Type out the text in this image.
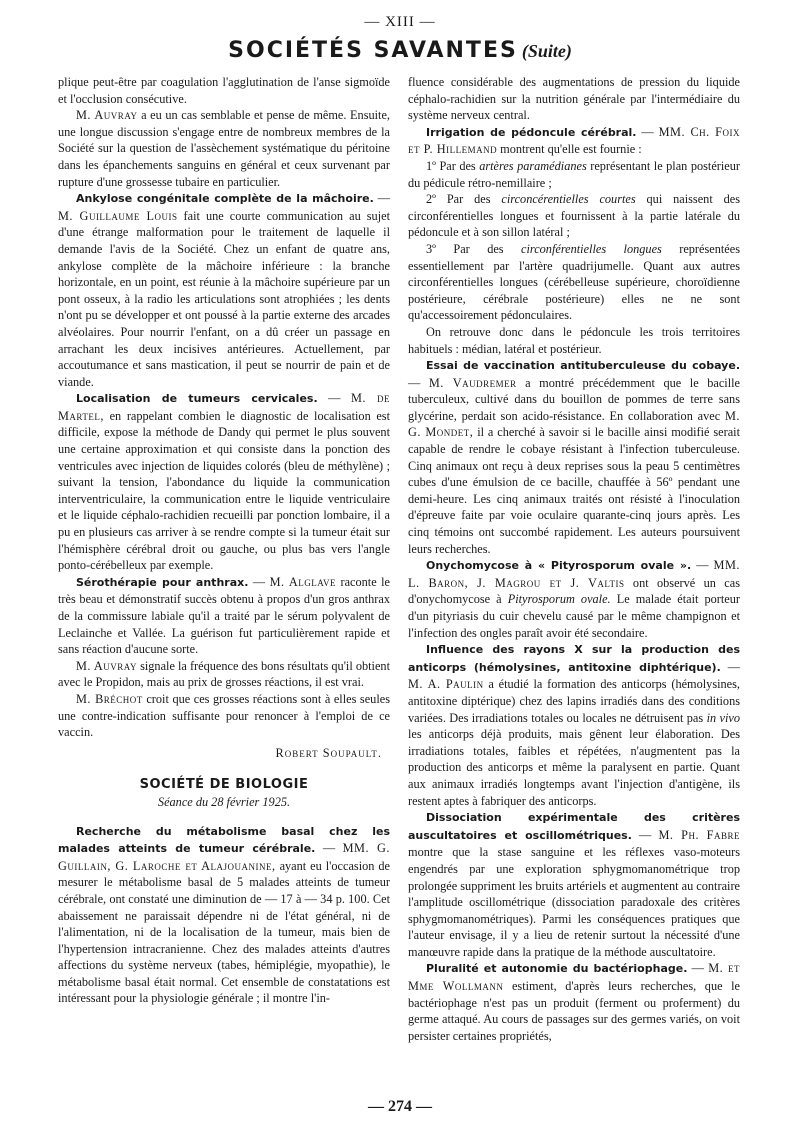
— XIII —
SOCIÉTÉS SAVANTES (Suite)

plique peut-être par coagulation l'agglutination de l'anse sigmoïde et l'occlusion consécutive.

M. Auvray a eu un cas semblable et pense de même. Ensuite, une longue discussion s'engage entre de nombreux membres de la Société sur la question de l'assèchement systématique du péritoine dans les épanchements sanguins en général et ceux survenant par rupture d'une grossesse tubaire en particulier.

Ankylose congénitale complète de la mâchoire. — M. Guillaume Louis fait une courte communication au sujet d'une étrange malformation pour le traitement de laquelle il demande l'avis de la Société. Chez un enfant de quatre ans, ankylose complète de la mâchoire inférieure : la branche horizontale, en un point, est réunie à la mâchoire supérieure par un pont osseux, à la radio les articulations sont atrophiées ; les dents n'ont pu se développer et ont poussé à la partie externe des arcades alvéolaires. Pour nourrir l'enfant, on a dû créer un passage en arrachant les deux incisives antérieures. Actuellement, par accoutumance et sans mastication, il peut se nourrir de pain et de viande.

Localisation de tumeurs cervicales. — M. de Martel, en rappelant combien le diagnostic de localisation est difficile, expose la méthode de Dandy qui permet le plus souvent une certaine approximation et qui consiste dans la ponction des ventricules avec injection de liquides colorés (bleu de méthylène) ; suivant la tension, l'abondance du liquide la communication interventriculaire, la communication entre le liquide ventriculaire et le liquide céphalo-rachidien recueilli par ponction lombaire, il a pu en plusieurs cas arriver à se rendre compte si la tumeur était sur l'hémisphère cérébral droit ou gauche, ou plus bas vers l'angle ponto-cérébelleux par exemple.

Sérothérapie pour anthrax. — M. Alglave raconte le très beau et démonstratif succès obtenu à propos d'un gros anthrax de la commissure labiale qu'il a traité par le sérum polyvalent de Leclainche et Vallée. La guérison fut particulièrement rapide et sans réaction d'aucune sorte.

M. Auvray signale la fréquence des bons résultats qu'il obtient avec le Propidon, mais au prix de grosses réactions, il est vrai.

M. Bréchot croit que ces grosses réactions sont à elles seules une contre-indication suffisante pour renoncer à l'emploi de ce vaccin.

Robert Soupault.

SOCIÉTÉ DE BIOLOGIE
Séance du 28 février 1925.

Recherche du métabolisme basal chez les malades atteints de tumeur cérébrale. — MM. G. Guillain, G. Laroche et Alajouanine, ayant eu l'occasion de mesurer le métabolisme basal de 5 malades atteints de tumeur cérébrale, ont constaté une diminution de — 17 à — 34 p. 100. Cet abaissement ne paraissait dépendre ni de l'état général, ni de l'alimentation, ni de la localisation de la tumeur, mais bien de l'hypertension intracranienne. Chez des malades atteints d'autres affections du système nerveux (tabes, hémiplégie, myopathie), le métabolisme basal était normal. Cet ensemble de constatations est intéressant pour la physiologie générale ; il montre l'in-

fluence considérable des augmentations de pression du liquide céphalo-rachidien sur la nutrition générale par l'intermédiaire du système nerveux central.

Irrigation de pédoncule cérébral. — MM. Ch. Foix et P. Hillemand montrent qu'elle est fournie :

1º Par des artères paramédianes représentant le plan postérieur du pédicule rétro-nemillaire ;

2º Par des circoncérentielles courtes qui naissent des circonférentielles longues et fournissent à la partie latérale du pédoncule et à son sillon latéral ;

3º Par des circonférentielles longues représentées essentiellement par l'artère quadrijumelle. Quant aux autres circonférentielles longues (cérébelleuse supérieure, choroïdienne postérieure, cérébrale postérieure) elles ne ne sont qu'accessoirement pédonculaires.

On retrouve donc dans le pédoncule les trois territoires habituels : médian, latéral et postérieur.

Essai de vaccination antituberculeuse du cobaye. — M. Vaudremer a montré précédemment que le bacille tuberculeux, cultivé dans du bouillon de pommes de terre sans glycérine, perdait son acido-résistance. En collaboration avec M. G. Mondet, il a cherché à savoir si le bacille ainsi modifié serait capable de rendre le cobaye résistant à l'infection tuberculeuse. Cinq animaux ont reçu à deux reprises sous la peau 5 centimètres cubes d'une émulsion de ce bacille, chauffée à 56º pendant une demi-heure. Les cinq animaux traités ont résisté à l'inoculation d'épreuve faite par voie oculaire quarante-cinq jours après. Les cinq témoins ont succombé rapidement. Les auteurs poursuivent leurs recherches.

Onychomycose à « Pityrosporum ovale ». — MM. L. Baron, J. Magrou et J. Valtis ont observé un cas d'onychomycose à Pityrosporum ovale. Le malade était porteur d'un pityriasis du cuir chevelu causé par le même champignon et l'infection des ongles paraît avoir été secondaire.

Influence des rayons X sur la production des anticorps (hémolysines, antitoxine diphtérique). — M. A. Paulin a étudié la formation des anticorps (hémolysines, antitoxine diptérique) chez des lapins irradiés dans des conditions variées. Des irradiations totales ou locales ne détruisent pas in vivo les anticorps déjà produits, mais gênent leur élaboration. Des irradiations totales, faibles et répétées, n'augmentent pas la production des anticorps et même la paralysent en partie. Quant aux animaux irradiés longtemps avant l'injection d'antigène, ils restent aptes à fabriquer des anticorps.

Dissociation expérimentale des critères auscultatoires et oscillométriques. — M. Ph. Fabre montre que la stase sanguine et les réflexes vaso-moteurs engendrés par une exploration sphygmomanométrique trop prolongée suppriment les bruits artériels et augmentent au contraire l'amplitude oscillométrique (dissociation paradoxale des critères sphygmomanométriques). Parmi les conséquences pratiques que l'auteur envisage, il y a lieu de retenir surtout la nécessité d'une manœuvre rapide dans la pratique de la méthode auscultatoire.

Pluralité et autonomie du bactériophage. — M. et Mme Wollmann estiment, d'après leurs recherches, que le bactériophage n'est pas un produit (ferment ou proferment) du germe attaqué. Au cours de passages sur des germes variés, on voit persister certaines propriétés,

— 274 —
